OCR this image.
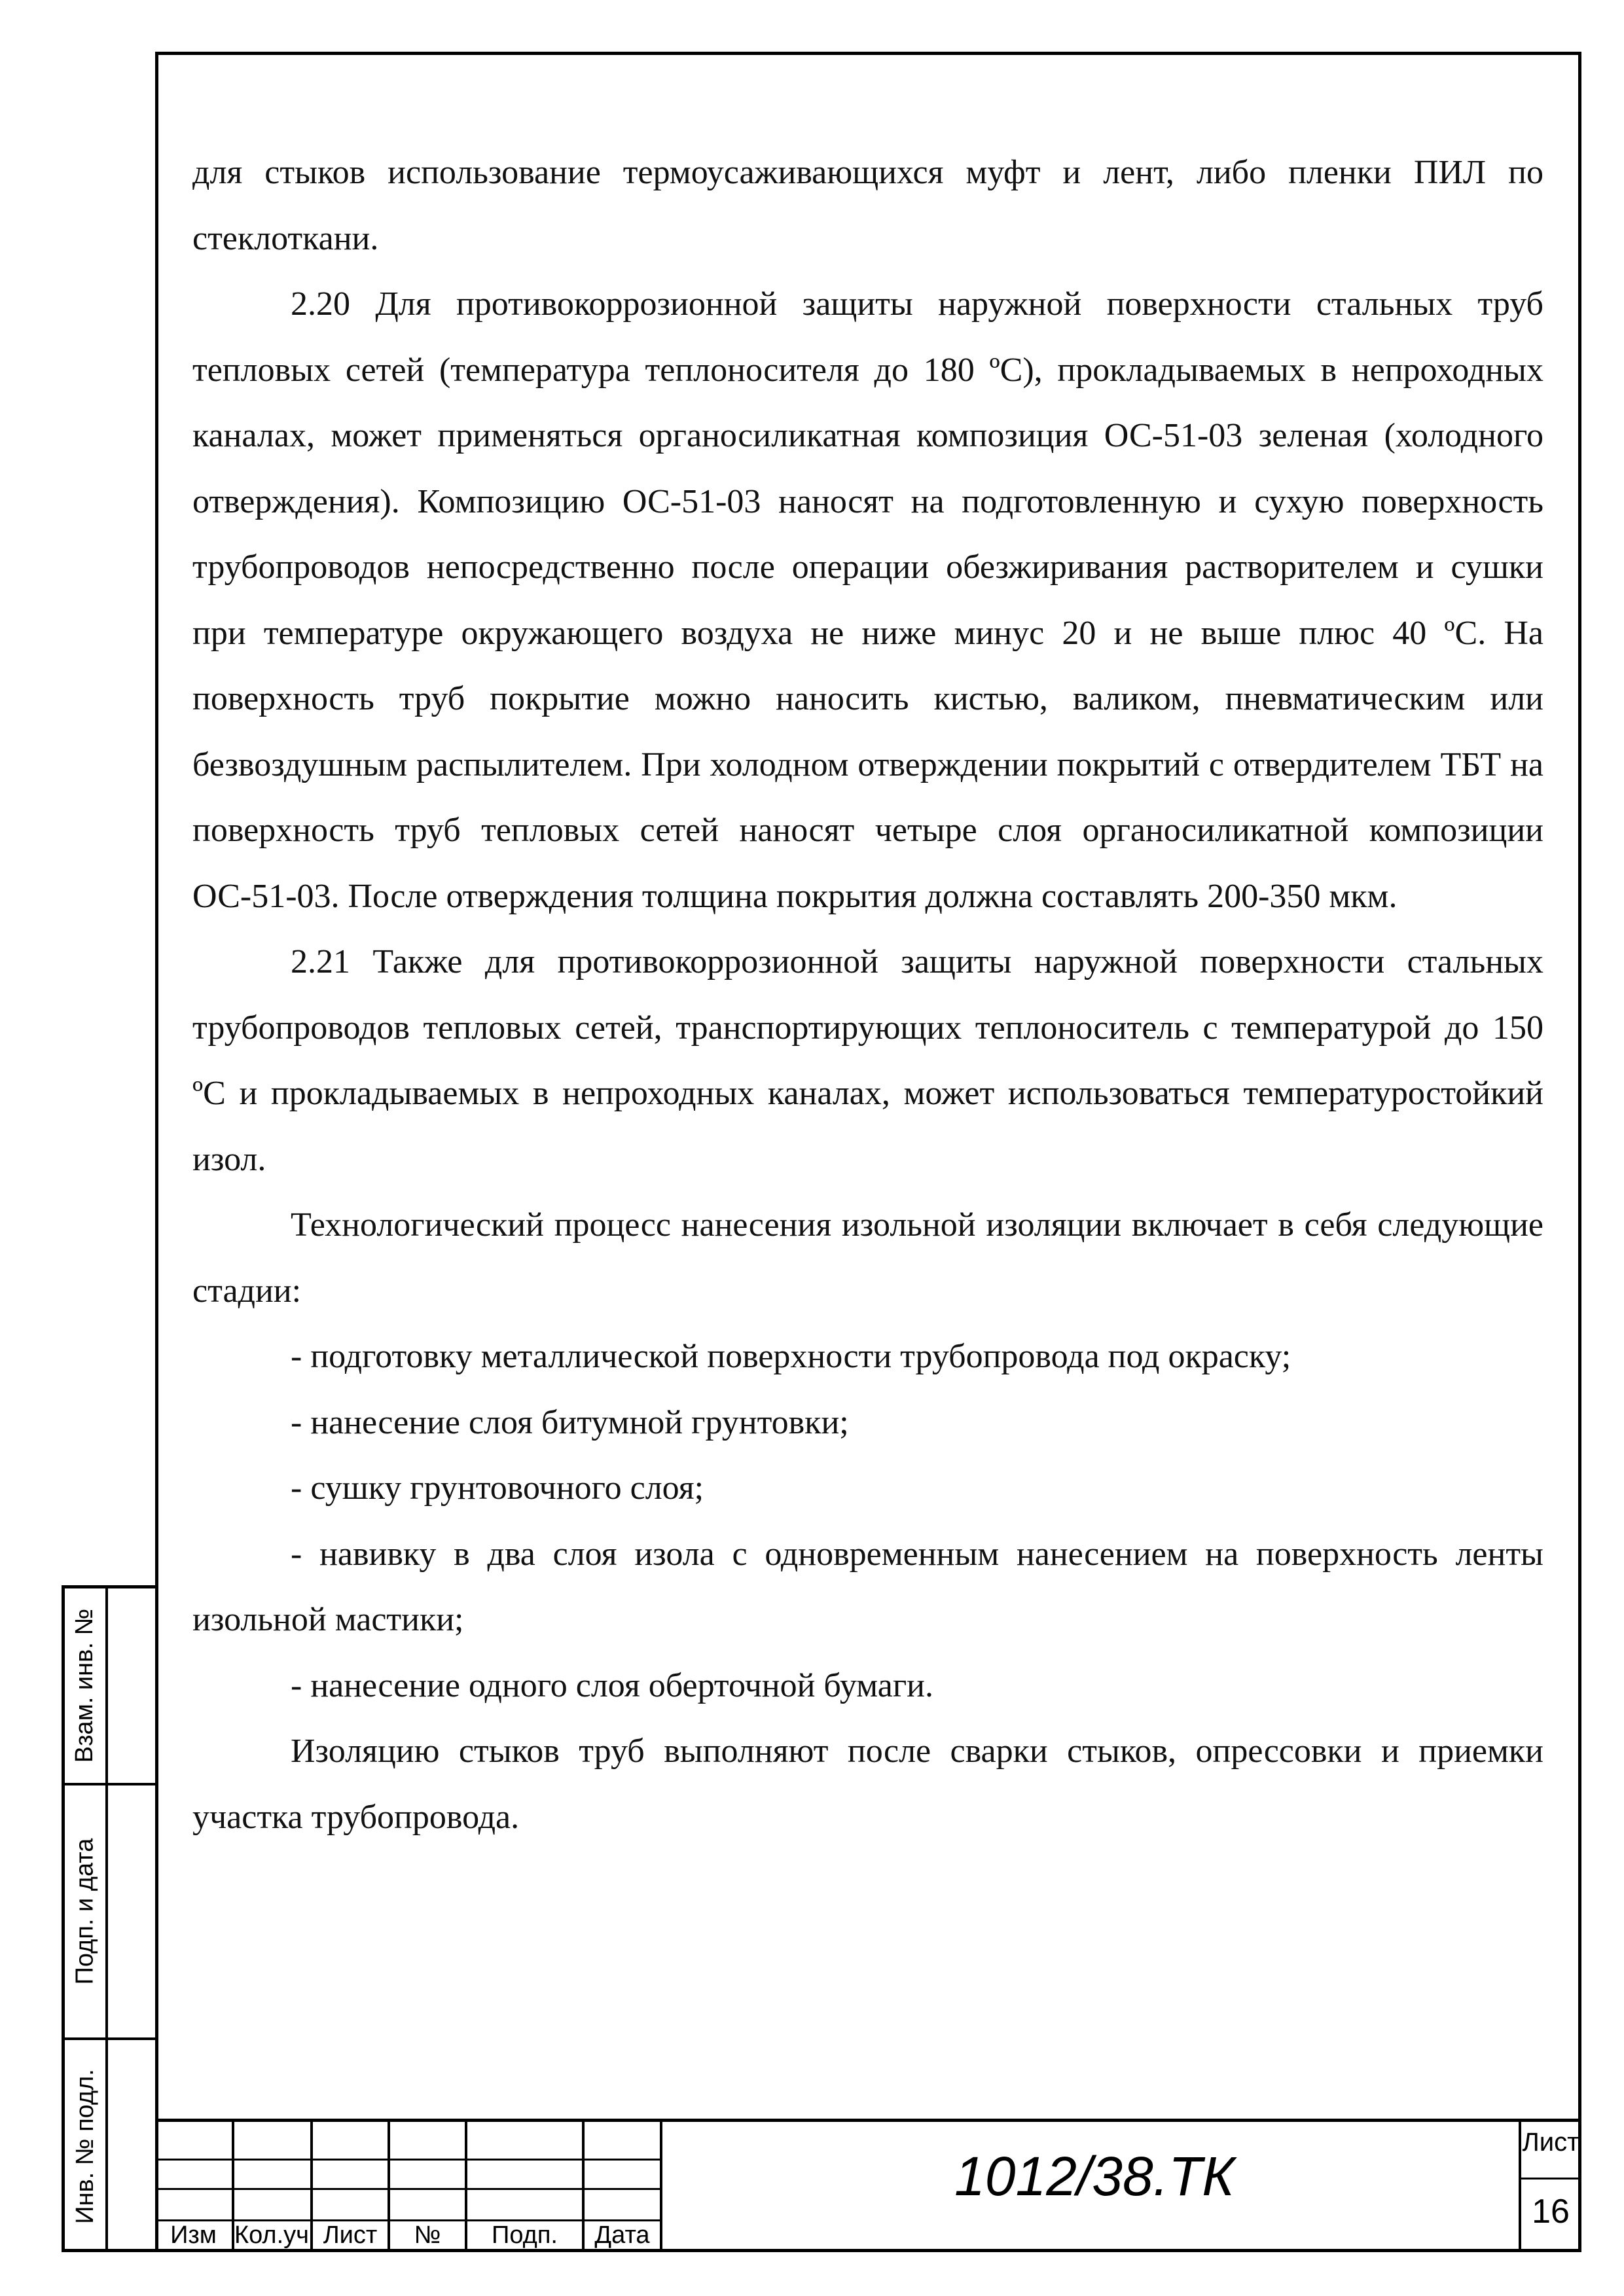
для стыков использование термоусаживающихся муфт и лент, либо пленки ПИЛ по стеклоткани.

2.20 Для противокоррозионной защиты наружной поверхности стальных труб тепловых сетей (температура теплоносителя до 180 ºС), прокладываемых в непроходных каналах, может применяться органосиликатная композиция ОС-51-03 зеленая (холодного отверждения). Композицию ОС-51-03 наносят на подготовленную и сухую поверхность трубопроводов непосредственно после операции обезжиривания растворителем и сушки при температуре окружающего воздуха не ниже минус 20 и не выше плюс 40 ºС. На поверхность труб покрытие можно наносить кистью, валиком, пневматическим или безвоздушным распылителем. При холодном отверждении покрытий с отвердителем ТБТ на поверхность труб тепловых сетей наносят четыре слоя органосиликатной композиции ОС-51-03. После отверждения толщина покрытия должна составлять 200-350 мкм.

2.21 Также для противокоррозионной защиты наружной поверхности стальных трубопроводов тепловых сетей, транспортирующих теплоноситель с температурой до 150 ºС и прокладываемых в непроходных каналах, может использоваться температуростойкий изол.

Технологический процесс нанесения изольной изоляции включает в себя следующие стадии:

- подготовку металлической поверхности трубопровода под окраску;

- нанесение слоя битумной грунтовки;

- сушку грунтовочного слоя;

- навивку в два слоя изола с одновременным нанесением на поверхность ленты изольной мастики;

- нанесение одного слоя оберточной бумаги.

Изоляцию стыков труб выполняют после сварки стыков, опрессовки и приемки участка трубопровода.

Взам. инв. №
Подп. и дата
Инв. № подл.
Изм Кол.уч Лист	№	Подп.	Дата
1012/38.ТК
Лист
16
